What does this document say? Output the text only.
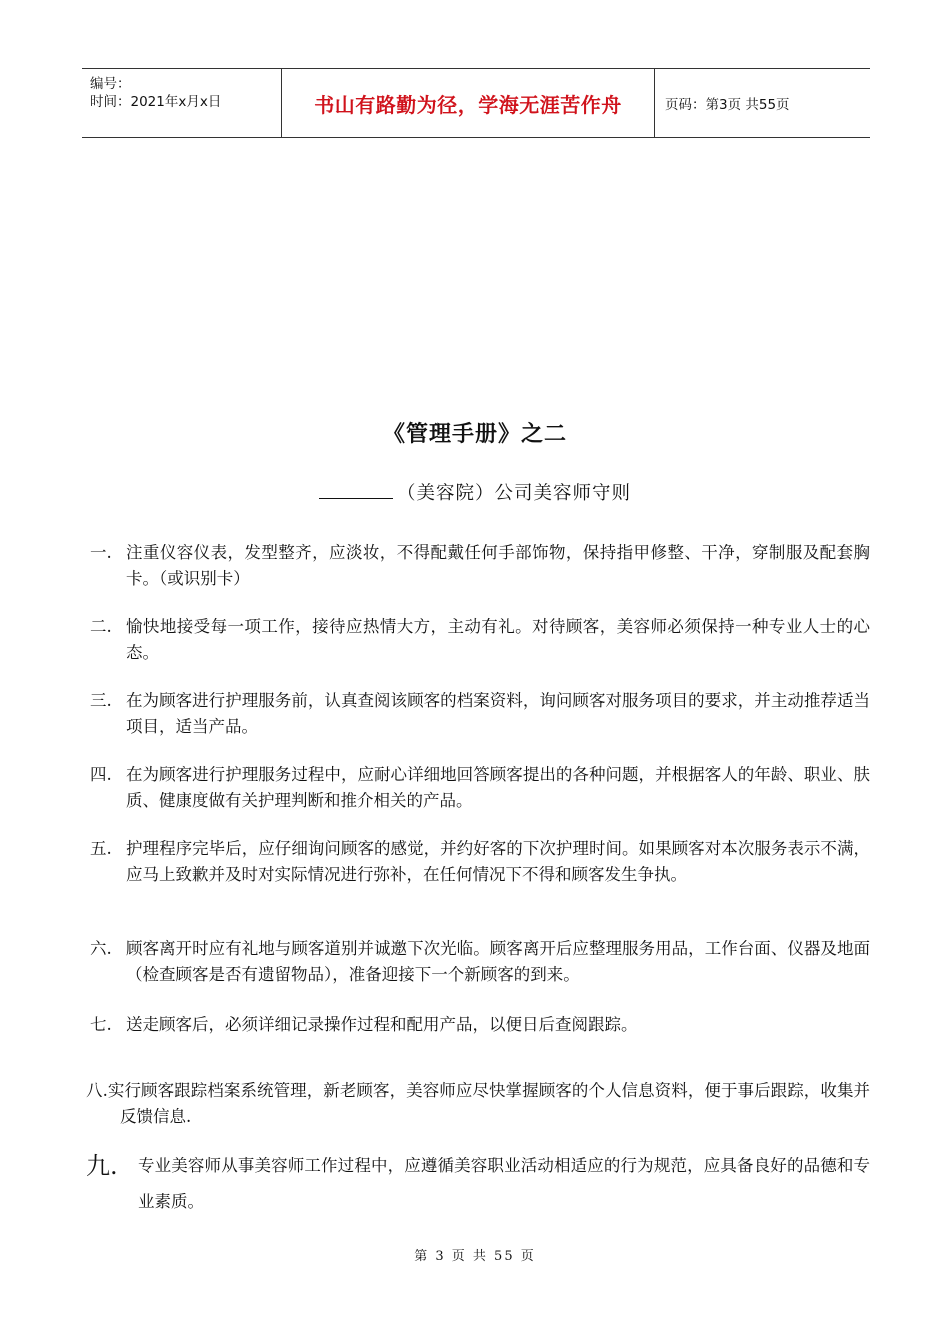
编号：
时间：2021年x月x日	书山有路勤为径，学海无涯苦作舟	页码：第3页 共55页
《管理手册》之二
（美容院）公司美容师守则
一. 注重仪容仪表，发型整齐，应淡妆，不得配戴任何手部饰物，保持指甲修整、干净，穿制服及配套胸卡。（或识别卡）
二. 愉快地接受每一项工作，接待应热情大方，主动有礼。对待顾客，美容师必须保持一种专业人士的心态。
三. 在为顾客进行护理服务前，认真查阅该顾客的档案资料，询问顾客对服务项目的要求，并主动推荐适当项目，适当产品。
四. 在为顾客进行护理服务过程中，应耐心详细地回答顾客提出的各种问题，并根据客人的年龄、职业、肤质、健康度做有关护理判断和推介相关的产品。
五. 护理程序完毕后，应仔细询问顾客的感觉，并约好客的下次护理时间。如果顾客对本次服务表示不满，应马上致歉并及时对实际情况进行弥补，在任何情况下不得和顾客发生争执。
六. 顾客离开时应有礼地与顾客道别并诚邀下次光临。顾客离开后应整理服务用品，工作台面、仪器及地面（检查顾客是否有遗留物品），准备迎接下一个新顾客的到来。
七. 送走顾客后，必须详细记录操作过程和配用产品，以便日后查阅跟踪。
八.实行顾客跟踪档案系统管理，新老顾客，美容师应尽快掌握顾客的个人信息资料，便于事后跟踪，收集并反馈信息.
九.	专业美容师从事美容师工作过程中，应遵循美容职业活动相适应的行为规范，应具备良好的品德和专业素质。
第 3 页 共 55 页
